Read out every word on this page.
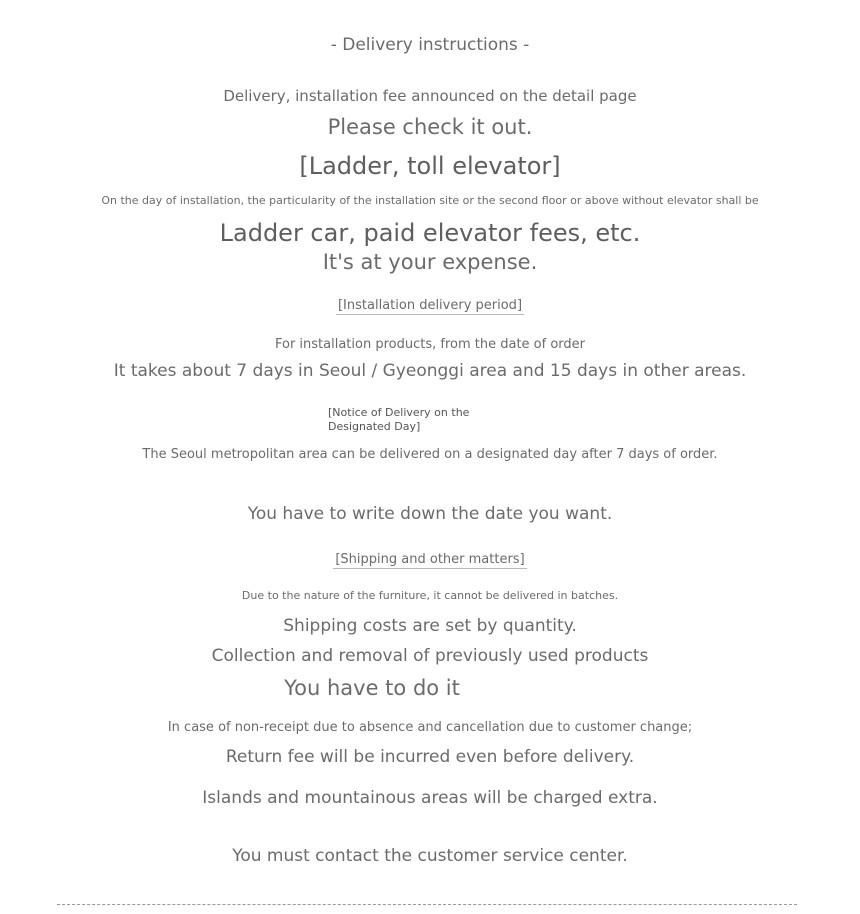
- Delivery instructions -
Delivery, installation fee announced on the detail page
Please check it out.
[Ladder, toll elevator]
On the day of installation, the particularity of the installation site or the second floor or above without elevator shall be
Ladder car, paid elevator fees, etc.
It's at your expense.
[Installation delivery period]
For installation products, from the date of order
It takes about 7 days in Seoul / Gyeonggi area and 15 days in other areas.
[Notice of Delivery on the Designated Day]
The Seoul metropolitan area can be delivered on a designated day after 7 days of order.
You have to write down the date you want.
[Shipping and other matters]
Due to the nature of the furniture, it cannot be delivered in batches.
Shipping costs are set by quantity.
Collection and removal of previously used products
You have to do it
In case of non-receipt due to absence and cancellation due to customer change;
Return fee will be incurred even before delivery.
Islands and mountainous areas will be charged extra.
You must contact the customer service center.
